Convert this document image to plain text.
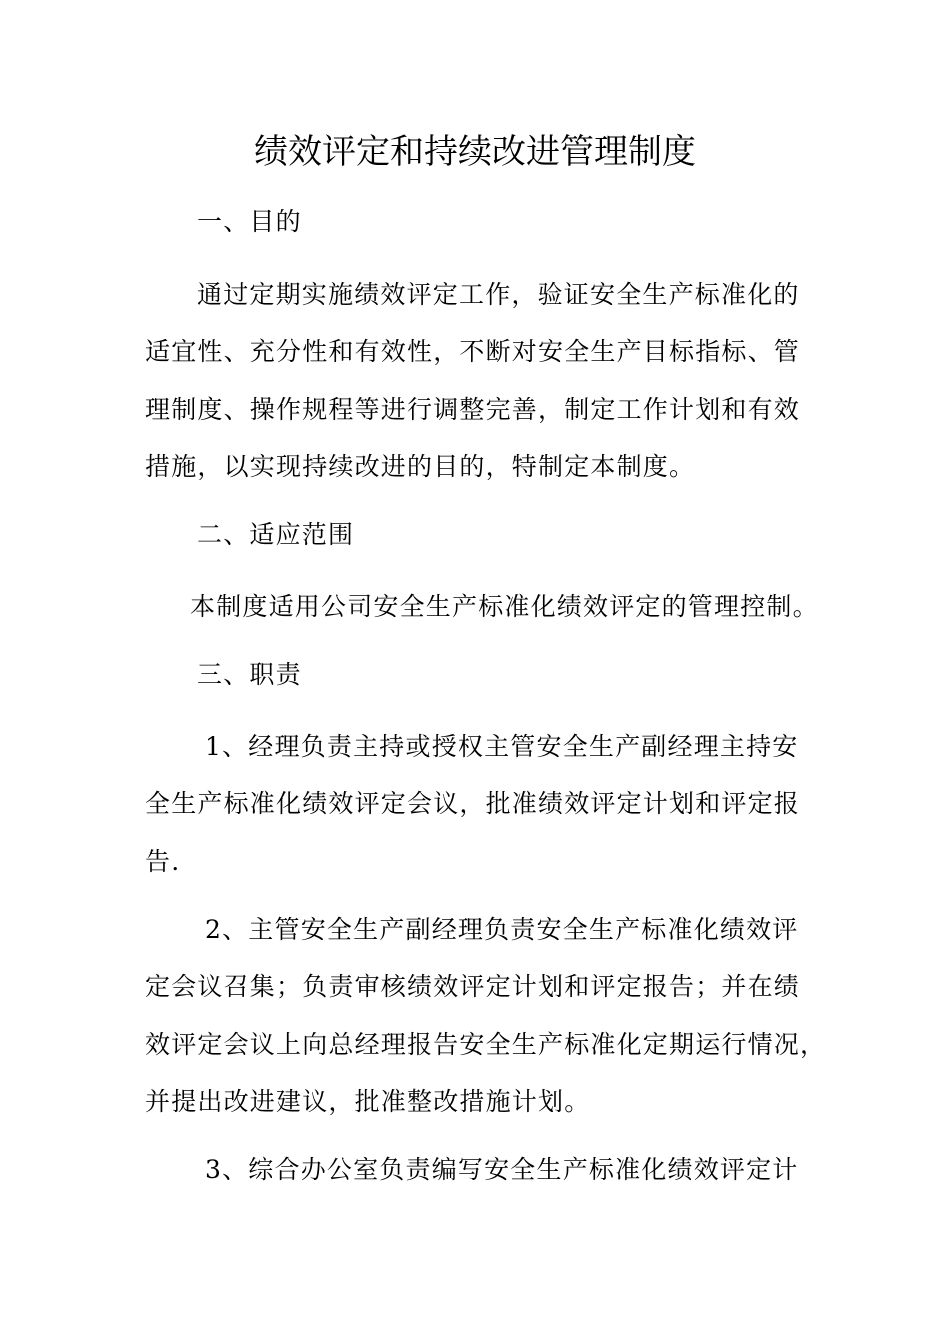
绩效评定和持续改进管理制度
一、目的
通过定期实施绩效评定工作，验证安全生产标准化的
适宜性、充分性和有效性，不断对安全生产目标指标、管
理制度、操作规程等进行调整完善，制定工作计划和有效
措施，以实现持续改进的目的，特制定本制度。
二、适应范围
本制度适用公司安全生产标准化绩效评定的管理控制。
三、职责
1、经理负责主持或授权主管安全生产副经理主持安
全生产标准化绩效评定会议，批准绩效评定计划和评定报
告.
2、主管安全生产副经理负责安全生产标准化绩效评
定会议召集；负责审核绩效评定计划和评定报告；并在绩
效评定会议上向总经理报告安全生产标准化定期运行情况，
并提出改进建议，批准整改措施计划。
3、综合办公室负责编写安全生产标准化绩效评定计
